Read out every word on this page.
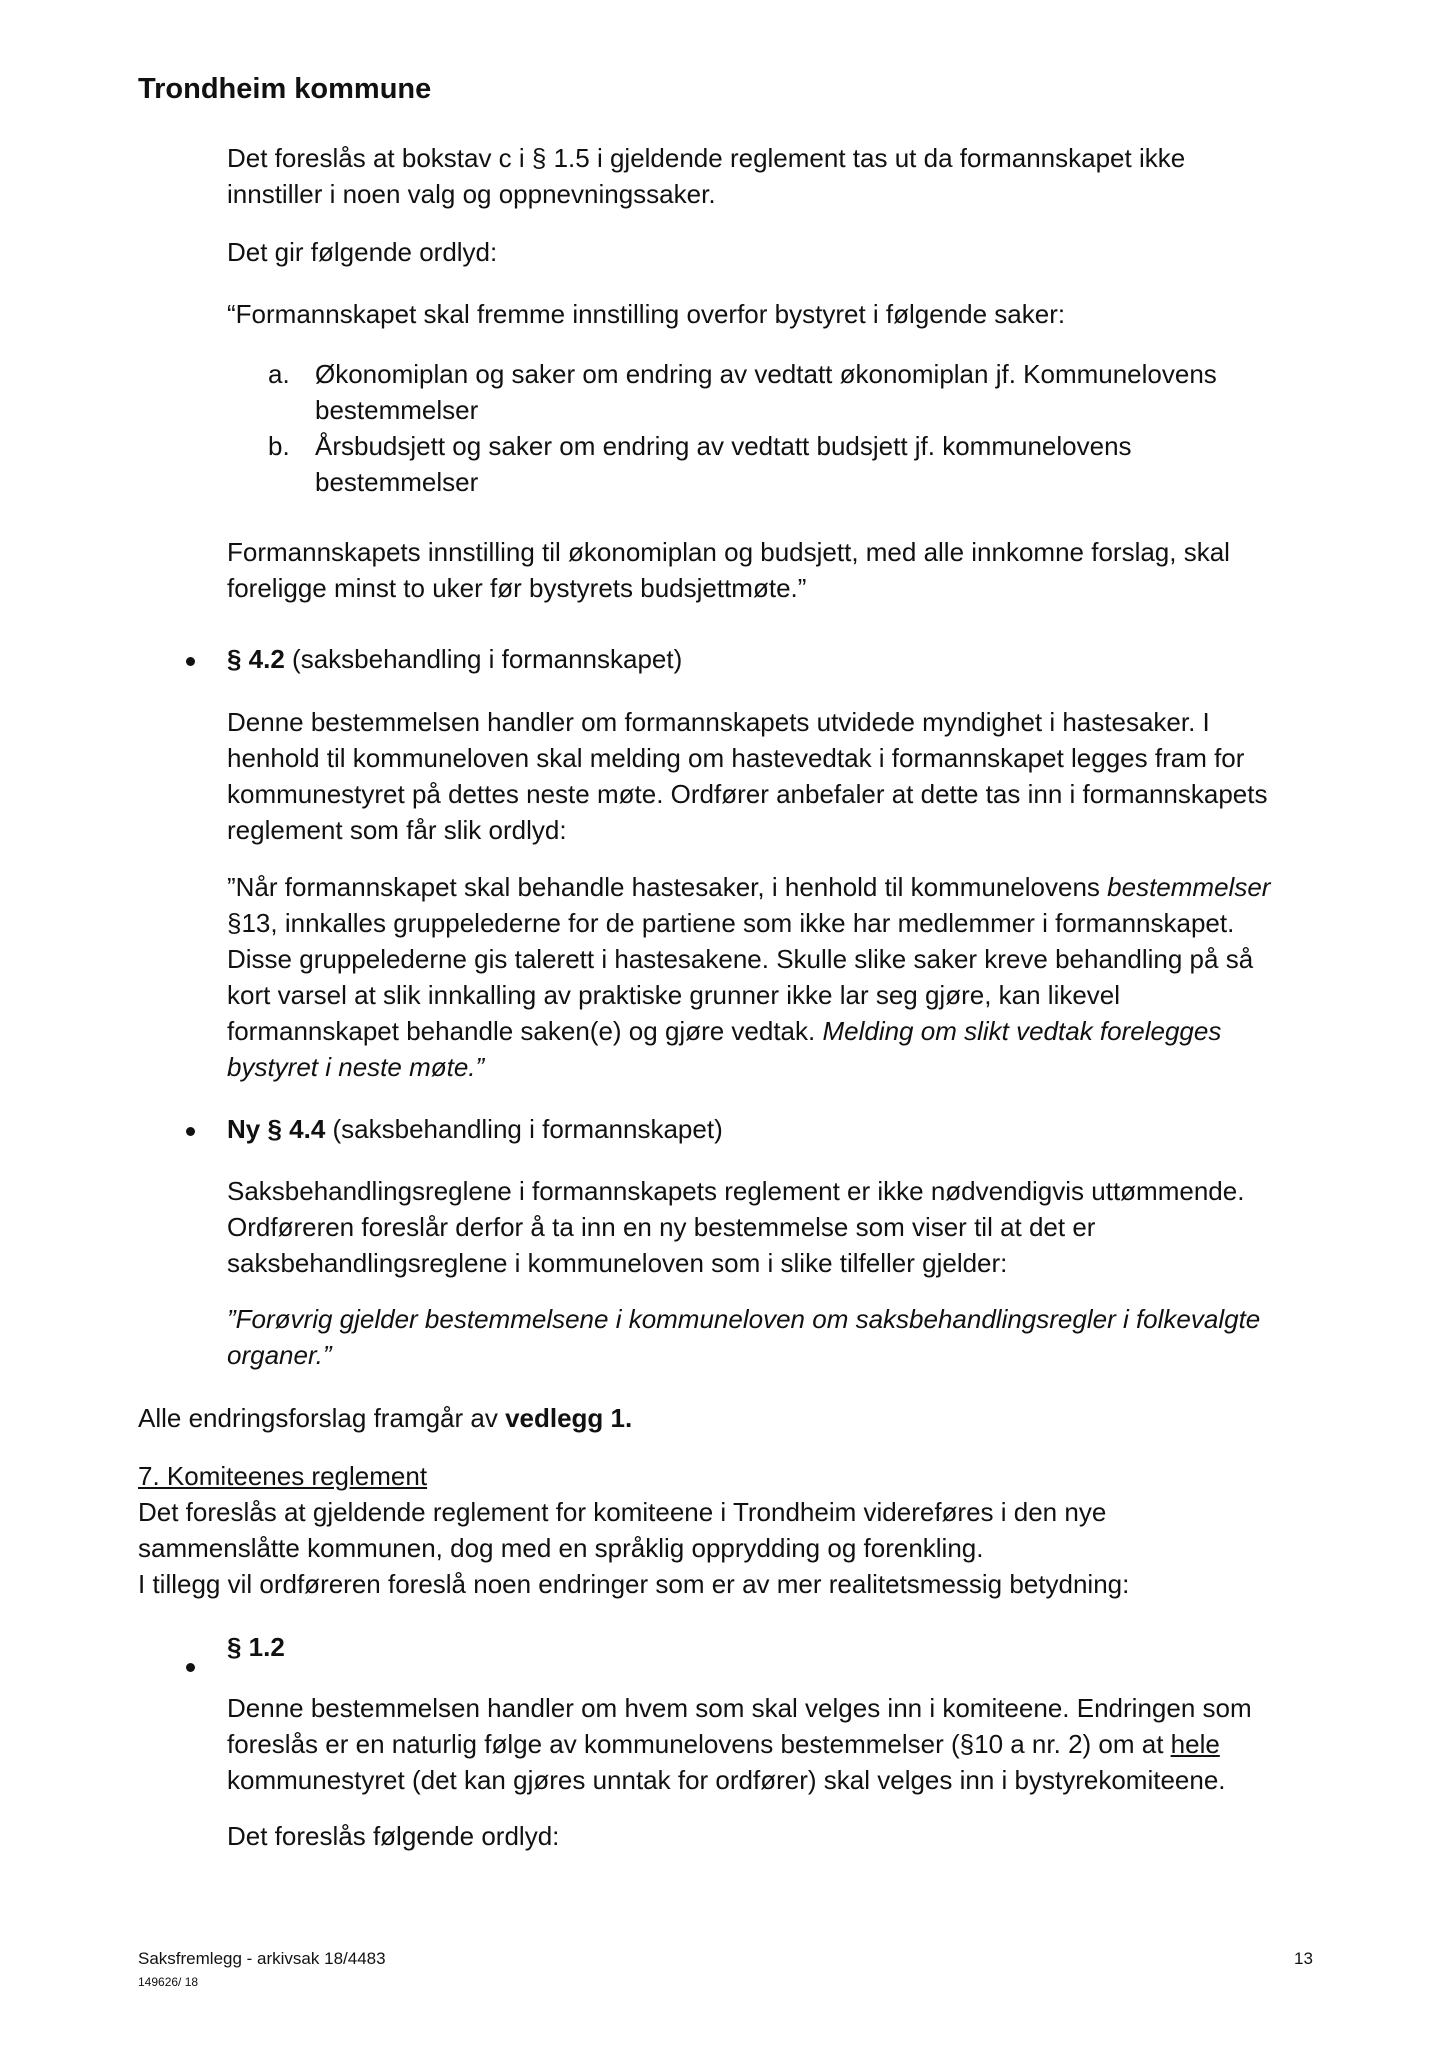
Trondheim kommune

Det foreslås at bokstav c i § 1.5 i gjeldende reglement tas ut da formannskapet ikke
innstiller i noen valg og oppnevningssaker.

Det gir følgende ordlyd:

“Formannskapet skal fremme innstilling overfor bystyret i følgende saker:

a. Økonomiplan og saker om endring av vedtatt økonomiplan jf. Kommunelovens
bestemmelser

b. Årsbudsjett og saker om endring av vedtatt budsjett jf. kommunelovens
bestemmelser

Formannskapets innstilling til økonomiplan og budsjett, med alle innkomne forslag, skal
foreligge minst to uker før bystyrets budsjettmøte.”

§ 4.2 (saksbehandling i formannskapet)

Denne bestemmelsen handler om formannskapets utvidede myndighet i hastesaker. I
henhold til kommuneloven skal melding om hastevedtak i formannskapet legges fram for
kommunestyret på dettes neste møte. Ordfører anbefaler at dette tas inn i formannskapets
reglement som får slik ordlyd:

”Når formannskapet skal behandle hastesaker, i henhold til kommunelovens bestemmelser
§13, innkalles gruppelederne for de partiene som ikke har medlemmer i formannskapet.
Disse gruppelederne gis talerett i hastesakene. Skulle slike saker kreve behandling på så
kort varsel at slik innkalling av praktiske grunner ikke lar seg gjøre, kan likevel
formannskapet behandle saken(e) og gjøre vedtak. Melding om slikt vedtak forelegges
bystyret i neste møte.”

Ny § 4.4 (saksbehandling i formannskapet)

Saksbehandlingsreglene i formannskapets reglement er ikke nødvendigvis uttømmende.
Ordføreren foreslår derfor å ta inn en ny bestemmelse som viser til at det er
saksbehandlingsreglene i kommuneloven som i slike tilfeller gjelder:

”Forøvrig gjelder bestemmelsene i kommuneloven om saksbehandlingsregler i folkevalgte
organer.”

Alle endringsforslag framgår av vedlegg 1.

7. Komiteenes reglement
Det foreslås at gjeldende reglement for komiteene i Trondheim videreføres i den nye
sammenslåtte kommunen, dog med en språklig opprydding og forenkling.
I tillegg vil ordføreren foreslå noen endringer som er av mer realitetsmessig betydning:

§ 1.2

Denne bestemmelsen handler om hvem som skal velges inn i komiteene. Endringen som
foreslås er en naturlig følge av kommunelovens bestemmelser (§10 a nr. 2) om at hele
kommunestyret (det kan gjøres unntak for ordfører) skal velges inn i bystyrekomiteene.

Det foreslås følgende ordlyd:

Saksfremlegg - arkivsak 18/4483

149626/ 18

13
